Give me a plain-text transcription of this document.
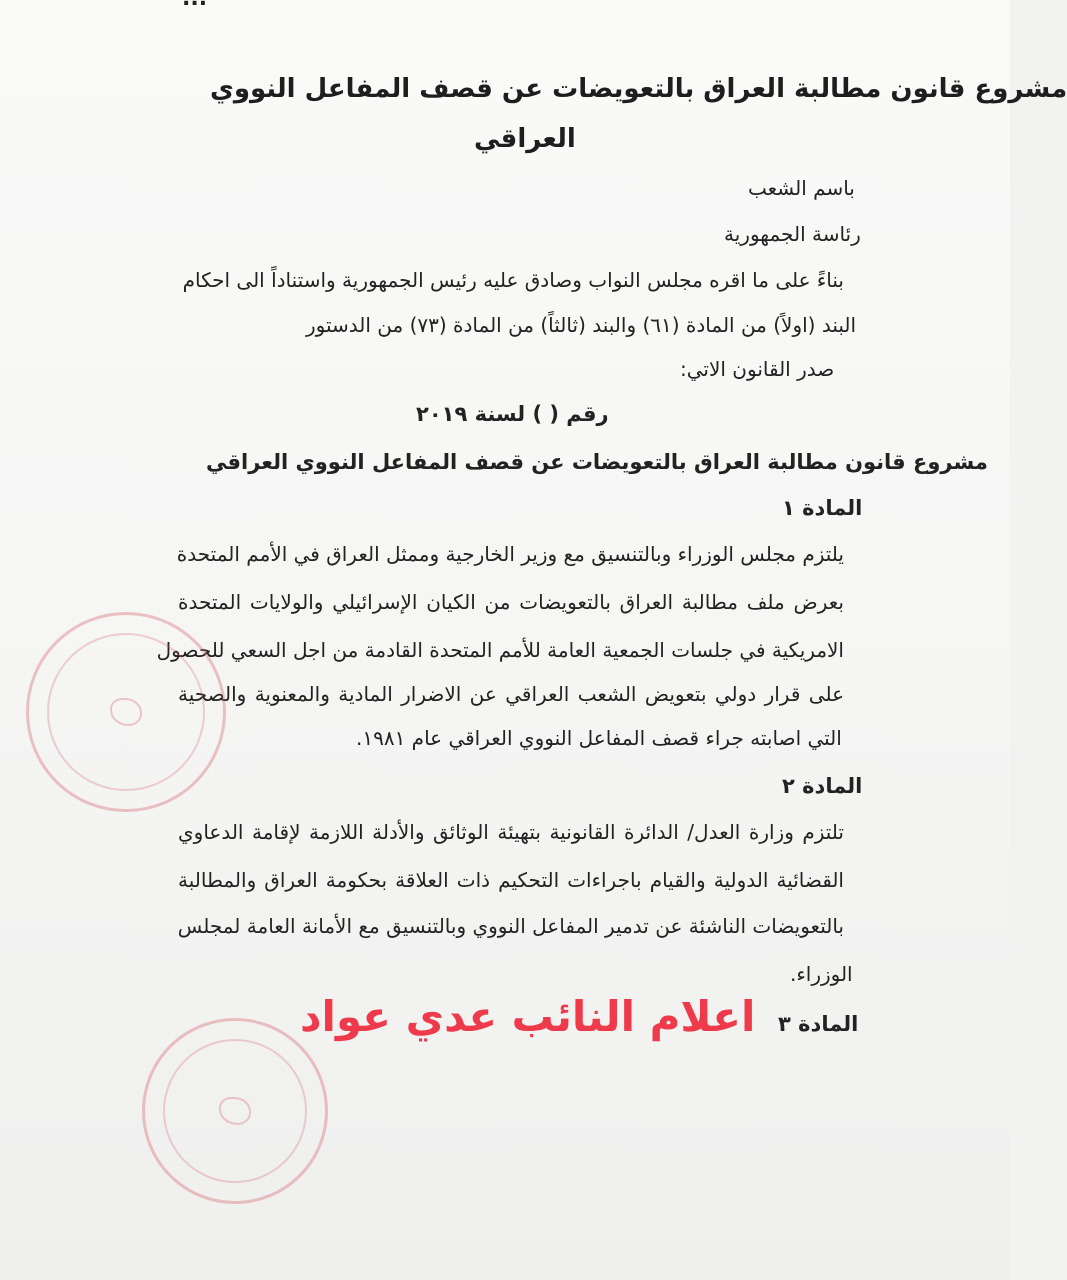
مشروع قانون مطالبة العراق بالتعويضات عن قصف المفاعل النووي
العراقي
باسم الشعب
رئاسة الجمهورية
بناءً على ما اقره مجلس النواب وصادق عليه رئيس الجمهورية واستناداً الى احكام
البند (اولاً) من المادة (٦١) والبند (ثالثاً) من المادة (٧٣) من الدستور
صدر القانون الاتي:
رقم ( ) لسنة ٢٠١٩
مشروع قانون مطالبة العراق بالتعويضات عن قصف المفاعل النووي العراقي
المادة ١
يلتزم مجلس الوزراء وبالتنسيق مع وزير الخارجية وممثل العراق في الأمم المتحدة
بعرض ملف مطالبة العراق بالتعويضات من الكيان الإسرائيلي والولايات المتحدة
الامريكية في جلسات الجمعية العامة للأمم المتحدة القادمة من اجل السعي للحصول
على قرار دولي بتعويض الشعب العراقي عن الاضرار المادية والمعنوية والصحية
التي اصابته جراء قصف المفاعل النووي العراقي عام ١٩٨١.
المادة ٢
تلتزم وزارة العدل/ الدائرة القانونية بتهيئة الوثائق والأدلة اللازمة لإقامة الدعاوي
القضائية الدولية والقيام باجراءات التحكيم ذات العلاقة بحكومة العراق والمطالبة
بالتعويضات الناشئة عن تدمير المفاعل النووي وبالتنسيق مع الأمانة العامة لمجلس
الوزراء.
المادة ٣
اعلام النائب عدي عواد
